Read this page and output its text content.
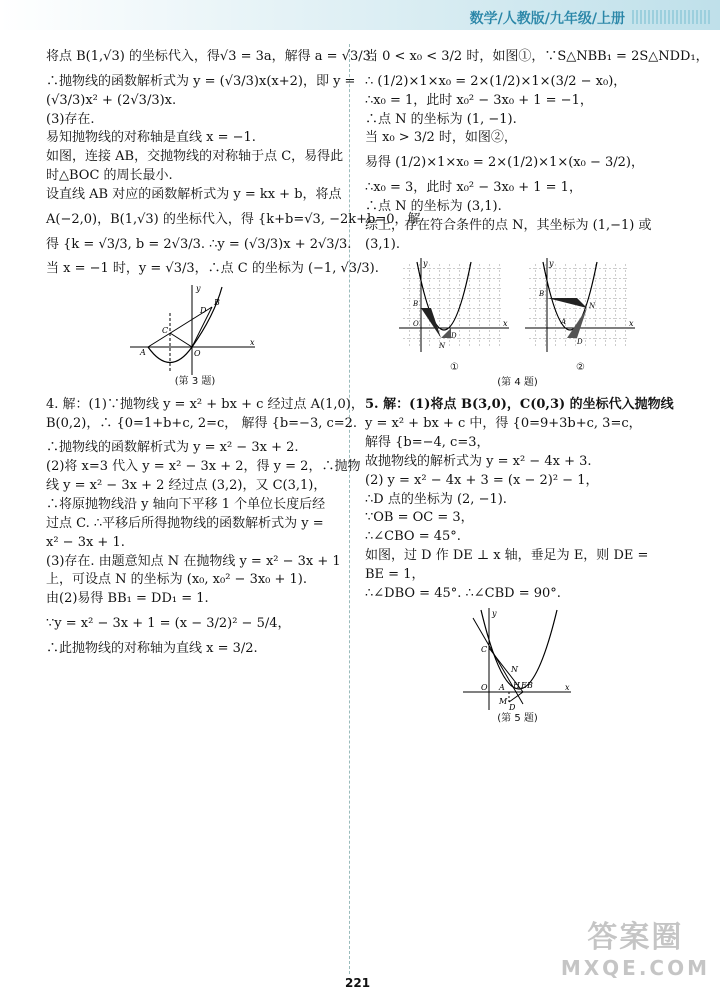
数学/人教版/九年级/上册
将点 B(1,√3) 的坐标代入，得√3 = 3a，解得 a = √3/3.
∴抛物线的函数解析式为 y = (√3/3)x(x+2)，即 y =
(√3/3)x² + (2√3/3)x.
(3)存在.
易知抛物线的对称轴是直线 x = −1.
如图，连接 AB，交抛物线的对称轴于点 C，易得此
时△BOC 的周长最小.
设直线 AB 对应的函数解析式为 y = kx + b，将点
A(−2,0)，B(1,√3) 的坐标代入，得 {k+b=√3, −2k+b=0，解
得 {k = √3/3, b = 2√3/3. ∴y = (√3/3)x + 2√3/3.
当 x = −1 时，y = √3/3，∴点 C 的坐标为 (−1, √3/3).
y
x
B
D
C
A	O
(第 3 题)
4. 解：(1)∵抛物线 y = x² + bx + c 经过点 A(1,0)，
B(0,2)，∴ {0=1+b+c, 2=c， 解得 {b=−3, c=2.
∴抛物线的函数解析式为 y = x² − 3x + 2.
(2)将 x=3 代入 y = x² − 3x + 2，得 y = 2，∴抛物
线 y = x² − 3x + 2 经过点 (3,2)，又 C(3,1)，
∴将原抛物线沿 y 轴向下平移 1 个单位长度后经
过点 C. ∴平移后所得抛物线的函数解析式为 y =
x² − 3x + 1.
(3)存在. 由题意知点 N 在抛物线 y = x² − 3x + 1
上，可设点 N 的坐标为 (x₀, x₀² − 3x₀ + 1).
由(2)易得 BB₁ = DD₁ = 1.
∵y = x² − 3x + 1 = (x − 3/2)² − 5/4，
∴此抛物线的对称轴为直线 x = 3/2.
当 0 < x₀ < 3/2 时，如图①，∵S△NBB₁ = 2S△NDD₁，
∴ (1/2)×1×x₀ = 2×(1/2)×1×(3/2 − x₀)，
∴x₀ = 1，此时 x₀² − 3x₀ + 1 = −1，
∴点 N 的坐标为 (1, −1).
当 x₀ > 3/2 时，如图②，
易得 (1/2)×1×x₀ = 2×(1/2)×1×(x₀ − 3/2)，
∴x₀ = 3，此时 x₀² − 3x₀ + 1 = 1，
∴点 N 的坐标为 (3,1).
综上，存在符合条件的点 N，其坐标为 (1,−1) 或
(3,1).
y
x
B
O
D
N
①
y
x
B
N
D
A
②
(第 4 题)
5. 解：(1)将点 B(3,0)，C(0,3) 的坐标代入抛物线
y = x² + bx + c 中，得 {0=9+3b+c, 3=c，
解得 {b=−4, c=3，
故抛物线的解析式为 y = x² − 4x + 3.
(2) y = x² − 4x + 3 = (x − 2)² − 1，
∴D 点的坐标为 (2, −1).
∵OB = OC = 3，
∴∠CBO = 45°.
如图，过 D 作 DE ⊥ x 轴，垂足为 E，则 DE =
BE = 1，
∴∠DBO = 45°. ∴∠CBD = 90°.
y
x
C
N
O A H E B
D
M
(第 5 题)
221
答案圈
MXQE.COM
